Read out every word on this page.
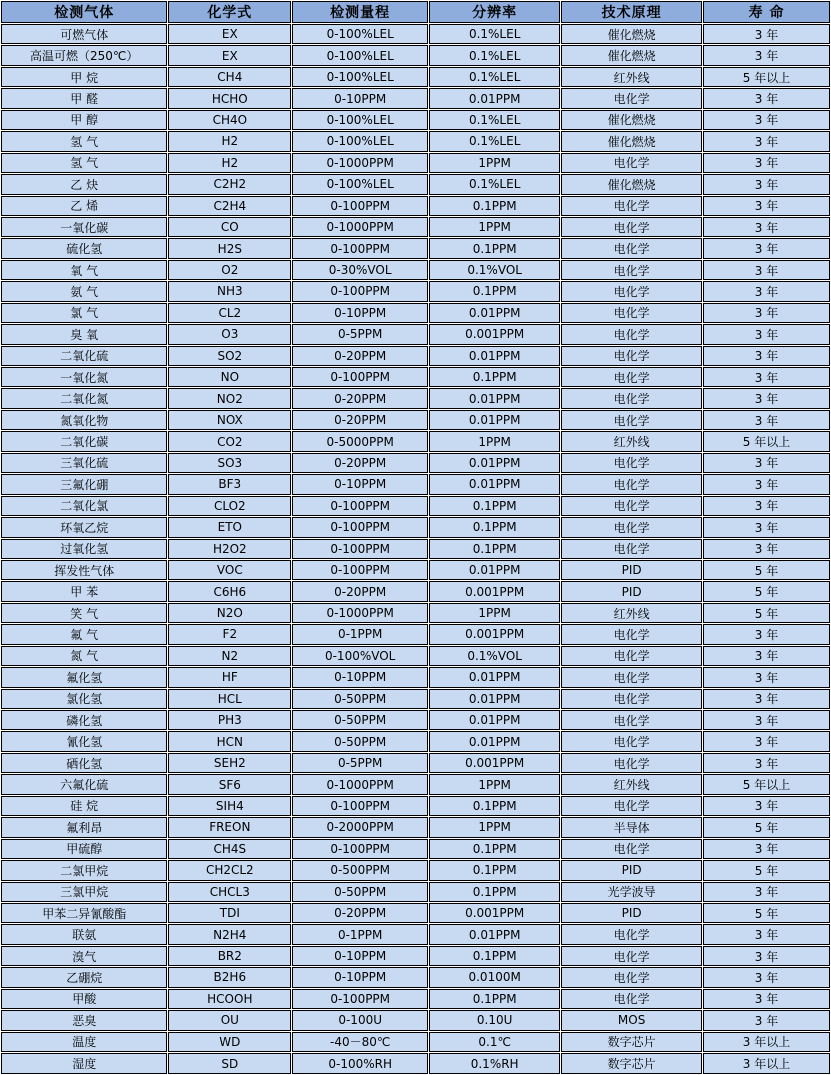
检测气体	化学式	检测量程	分辨率	技术原理	寿 命
可燃气体	EX	0-100%LEL	0.1%LEL	催化燃烧	3 年
高温可燃（250℃）	EX	0-100%LEL	0.1%LEL	催化燃烧	3 年
甲 烷	CH4	0-100%LEL	0.1%LEL	红外线	5 年以上
甲 醛	HCHO	0-10PPM	0.01PPM	电化学	3 年
甲 醇	CH4O	0-100%LEL	0.1%LEL	催化燃烧	3 年
氢 气	H2	0-100%LEL	0.1%LEL	催化燃烧	3 年
氢 气	H2	0-1000PPM	1PPM	电化学	3 年
乙 炔	C2H2	0-100%LEL	0.1%LEL	催化燃烧	3 年
乙 烯	C2H4	0-100PPM	0.1PPM	电化学	3 年
一氧化碳	CO	0-1000PPM	1PPM	电化学	3 年
硫化氢	H2S	0-100PPM	0.1PPM	电化学	3 年
氧 气	O2	0-30%VOL	0.1%VOL	电化学	3 年
氨 气	NH3	0-100PPM	0.1PPM	电化学	3 年
氯 气	CL2	0-10PPM	0.01PPM	电化学	3 年
臭 氧	O3	0-5PPM	0.001PPM	电化学	3 年
二氧化硫	SO2	0-20PPM	0.01PPM	电化学	3 年
一氧化氮	NO	0-100PPM	0.1PPM	电化学	3 年
二氧化氮	NO2	0-20PPM	0.01PPM	电化学	3 年
氮氧化物	NOX	0-20PPM	0.01PPM	电化学	3 年
二氧化碳	CO2	0-5000PPM	1PPM	红外线	5 年以上
三氧化硫	SO3	0-20PPM	0.01PPM	电化学	3 年
三氟化硼	BF3	0-10PPM	0.01PPM	电化学	3 年
二氧化氯	CLO2	0-100PPM	0.1PPM	电化学	3 年
环氧乙烷	ETO	0-100PPM	0.1PPM	电化学	3 年
过氧化氢	H2O2	0-100PPM	0.1PPM	电化学	3 年
挥发性气体	VOC	0-100PPM	0.01PPM	PID	5 年
甲 苯	C6H6	0-20PPM	0.001PPM	PID	5 年
笑 气	N2O	0-1000PPM	1PPM	红外线	5 年
氟 气	F2	0-1PPM	0.001PPM	电化学	3 年
氮 气	N2	0-100%VOL	0.1%VOL	电化学	3 年
氟化氢	HF	0-10PPM	0.01PPM	电化学	3 年
氯化氢	HCL	0-50PPM	0.01PPM	电化学	3 年
磷化氢	PH3	0-50PPM	0.01PPM	电化学	3 年
氰化氢	HCN	0-50PPM	0.01PPM	电化学	3 年
硒化氢	SEH2	0-5PPM	0.001PPM	电化学	3 年
六氟化硫	SF6	0-1000PPM	1PPM	红外线	5 年以上
硅 烷	SIH4	0-100PPM	0.1PPM	电化学	3 年
氟利昂	FREON	0-2000PPM	1PPM	半导体	5 年
甲硫醇	CH4S	0-100PPM	0.1PPM	电化学	3 年
二氯甲烷	CH2CL2	0-500PPM	0.1PPM	PID	5 年
三氯甲烷	CHCL3	0-50PPM	0.1PPM	光学波导	3 年
甲苯二异氰酸酯	TDI	0-20PPM	0.001PPM	PID	5 年
联氨	N2H4	0-1PPM	0.01PPM	电化学	3 年
溴气	BR2	0-10PPM	0.1PPM	电化学	3 年
乙硼烷	B2H6	0-10PPM	0.0100M	电化学	3 年
甲酸	HCOOH	0-100PPM	0.1PPM	电化学	3 年
恶臭	OU	0-100U	0.10U	MOS	3 年
温度	WD	-40－80℃	0.1℃	数字芯片	3 年以上
湿度	SD	0-100%RH	0.1%RH	数字芯片	3 年以上
